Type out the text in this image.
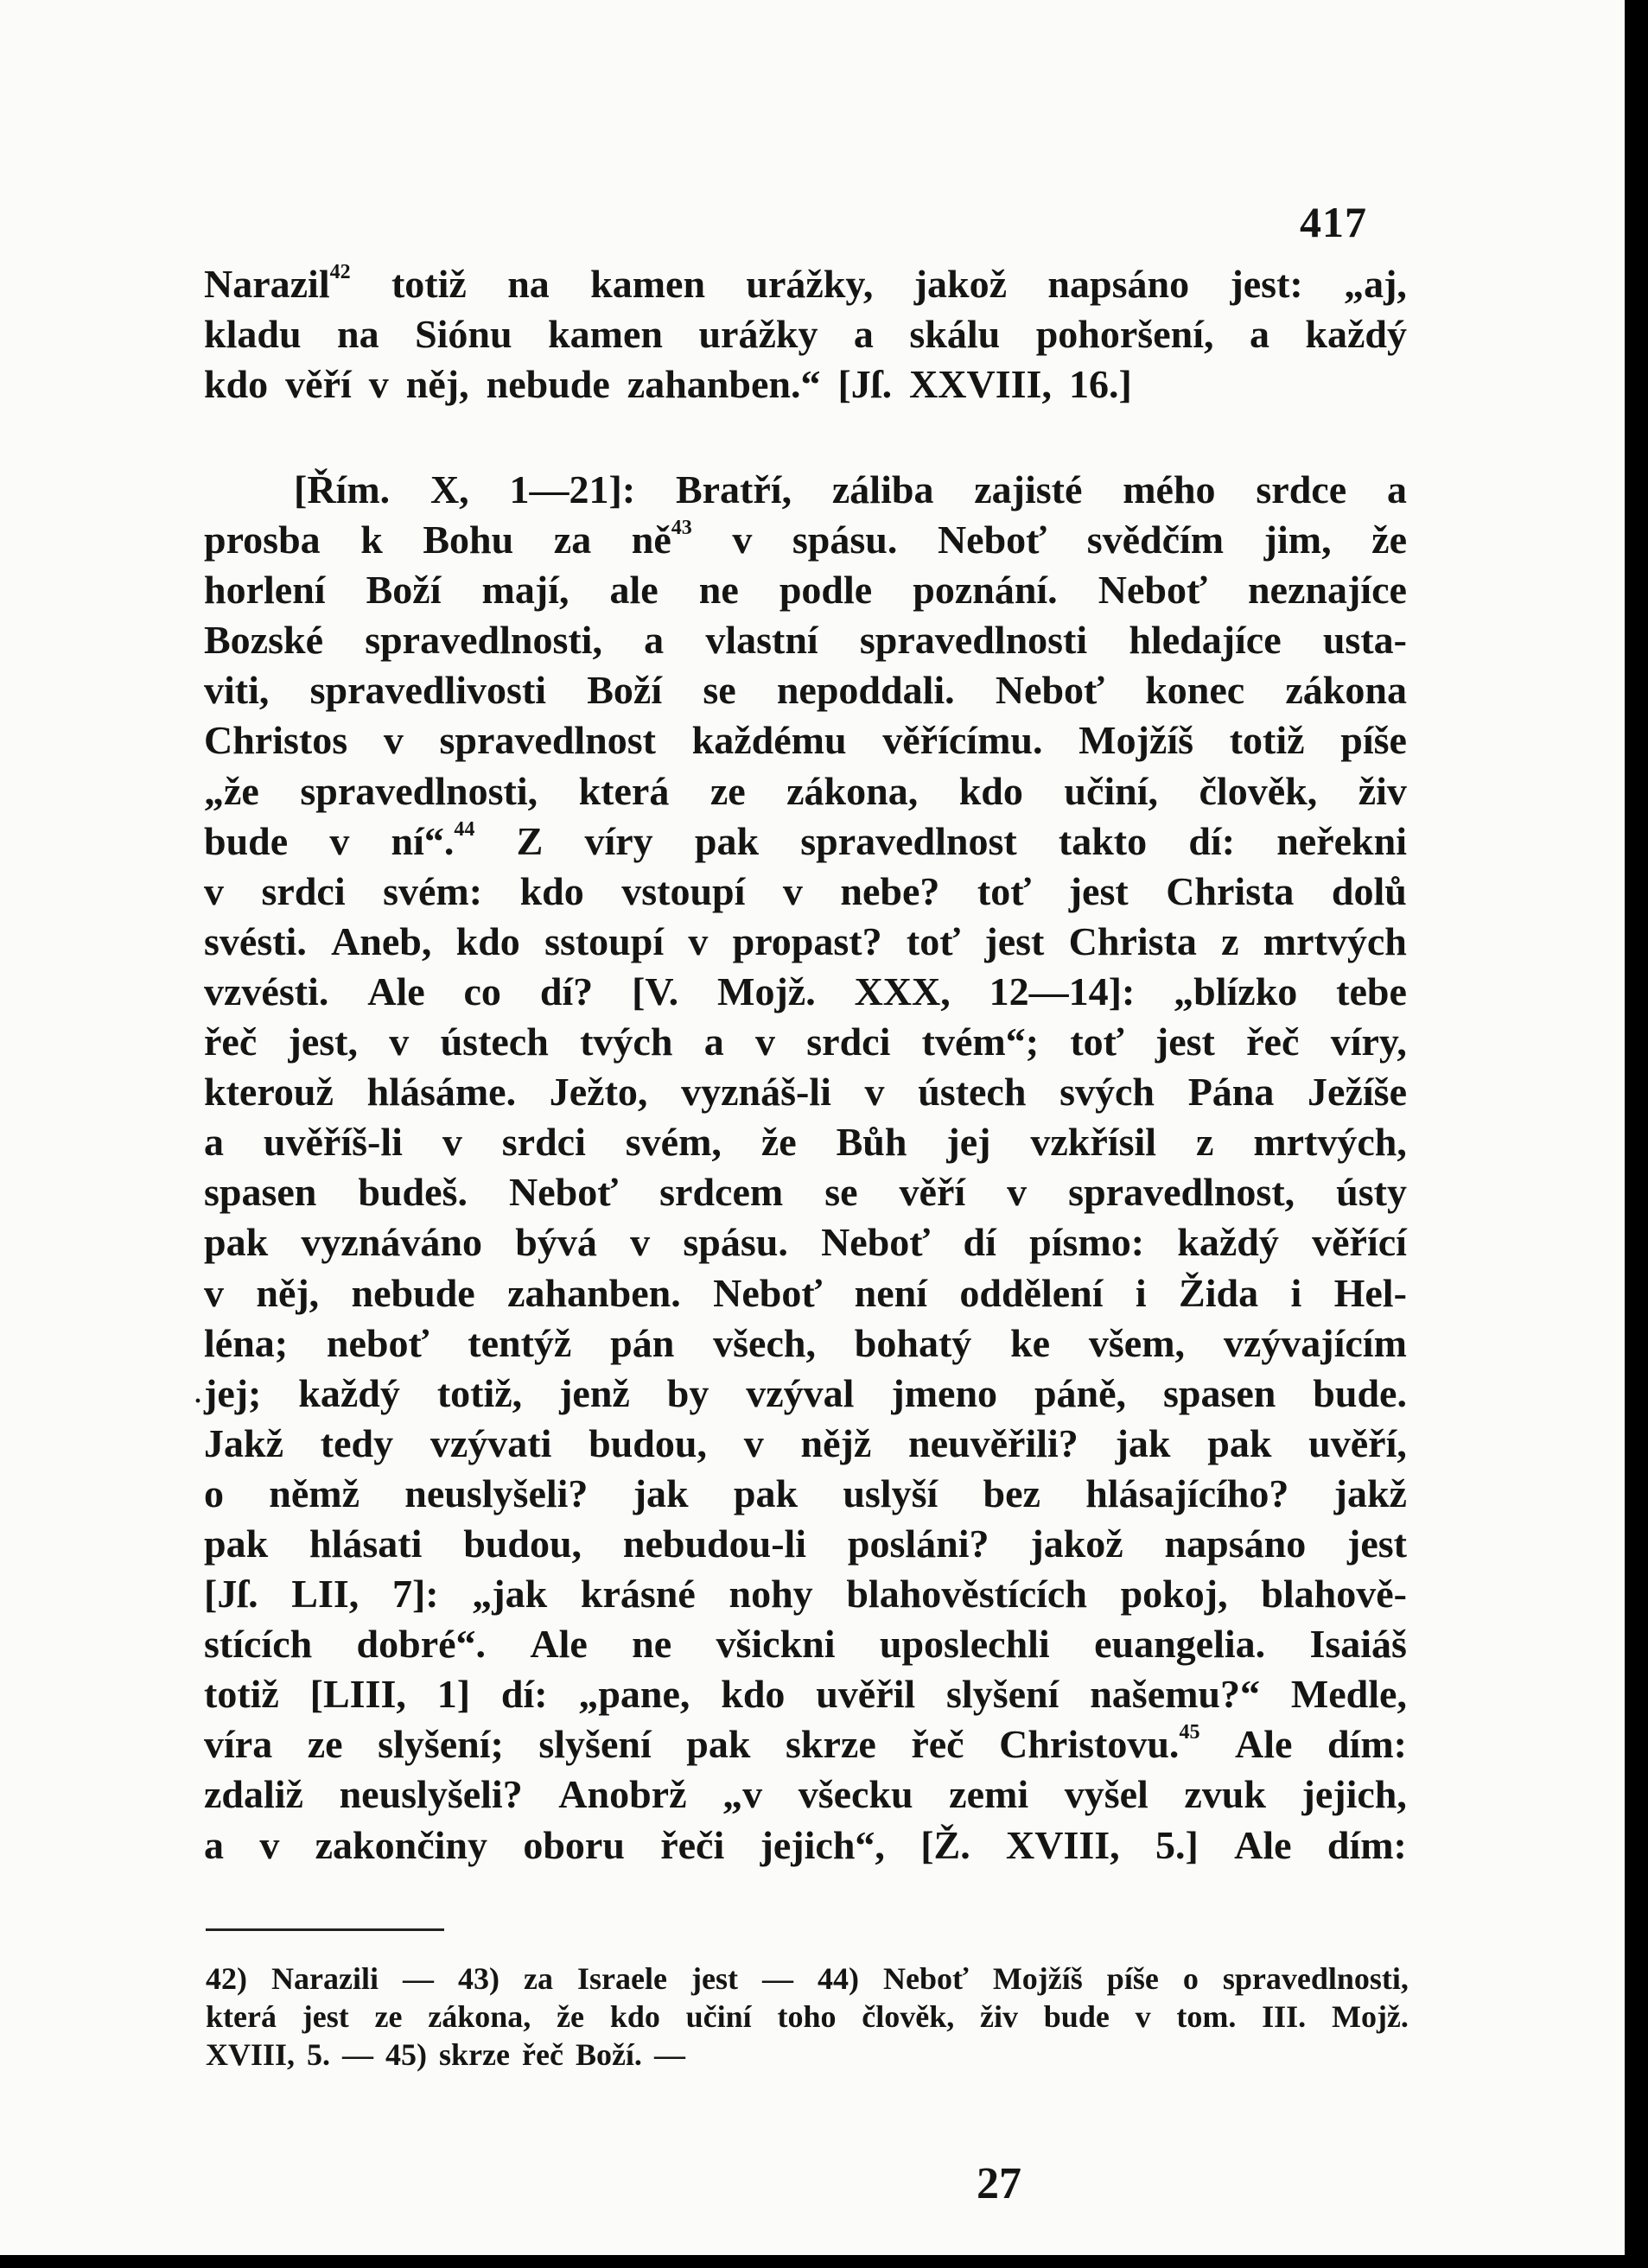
417
Narazil$^{42}$ totiž na kamen urážky, jakož napsáno jest: „aj,
kladu na Siónu kamen urážky a skálu pohoršení, a každý
kdo věří v něj, nebude zahanben.“ [Jſ. XXVIII, 16.]
[Řím. X, 1—21]: Bratří, záliba zajisté mého srdce a
prosba k Bohu za $ně^{43}$ v spásu. Neboť svědčím jim, že
horlení Boží mají, ale ne podle poznání. Neboť neznajíce
Bozské spravedlnosti, a vlastní spravedlnosti hledajíce usta-
viti, spravedlivosti Boží se nepoddali. Neboť konec zákona
Christos v spravedlnost každému věřícímu. Mojžíš totiž píše
„že spravedlnosti, která ze zákona, kdo učiní, člověk, živ
bude v ní“.$^{44}$ Z víry pak spravedlnost takto dí: neřekni
v srdci svém: kdo vstoupí v nebe? toť jest Christa dolů
svésti. Aneb, kdo sstoupí v propast? toť jest Christa z mrtvých
vzvésti. Ale co dí? [V. Mojž. XXX, 12—14]: „blízko tebe
řeč jest, v ústech tvých a v srdci tvém“; toť jest řeč víry,
kterouž hlásáme. Ježto, vyznáš-li v ústech svých Pána Ježíše
a uvěříš-li v srdci svém, že Bůh jej vzkřísil z mrtvých,
spasen budeš. Neboť srdcem se věří v spravedlnost, ústy
pak vyznáváno bývá v spásu. Neboť dí písmo: každý věřící
v něj, nebude zahanben. Neboť není oddělení i Žida i Hel-
léna; neboť tentýž pán všech, bohatý ke všem, vzývajícím
jej; každý totiž, jenž by vzýval jmeno páně, spasen bude.
Jakž tedy vzývati budou, v nějž neuvěřili? jak pak uvěří,
o němž neuslyšeli? jak pak uslyší bez hlásajícího? jakž
pak hlásati budou, nebudou-li posláni? jakož napsáno jest
[Jſ. LII, 7]: „jak krásné nohy blahověstících pokoj, blahově-
stících dobré“. Ale ne všickni uposlechli euangelia. Isaiáš
totiž [LIII, 1] dí: „pane, kdo uvěřil slyšení našemu?“ Medle,
víra ze slyšení; slyšení pak skrze řeč Christovu.$^{45}$ Ale dím:
zdaliž neuslyšeli? Anobrž „v všecku zemi vyšel zvuk jejich,
a v zakončiny oboru řeči jejich“, [Ž. XVIII, 5.] Ale dím:
·
42) Narazili — 43) za Israele jest — 44) Neboť Mojžíš píše o spravedlnosti,
která jest ze zákona, že kdo učiní toho člověk, živ bude v tom. III. Mojž.
XVIII, 5. — 45) skrze řeč Boží. —
27
